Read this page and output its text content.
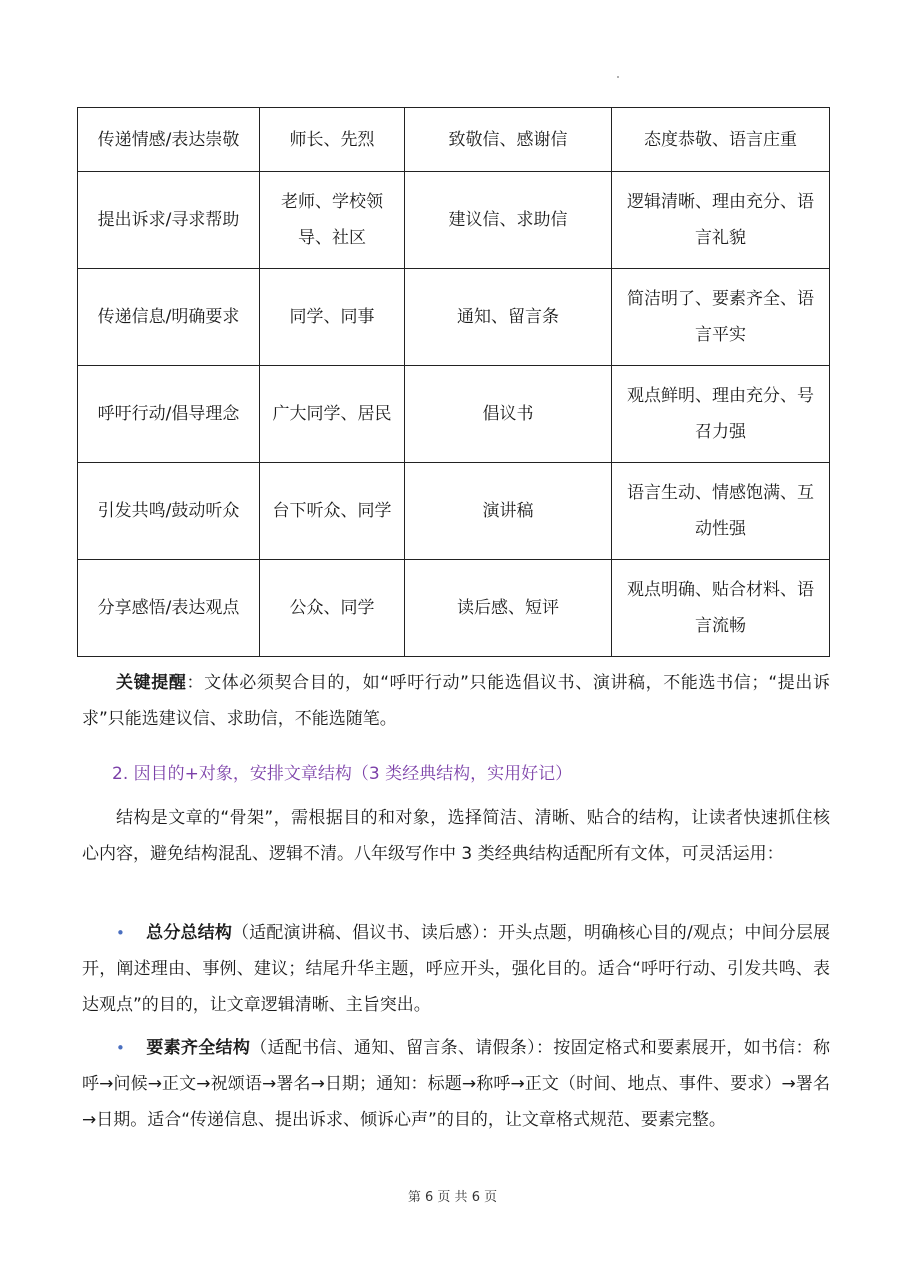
传递情感/表达崇敬	师长、先烈	致敬信、感谢信	态度恭敬、语言庄重
提出诉求/寻求帮助	老师、学校领导、社区	建议信、求助信	逻辑清晰、理由充分、语言礼貌
传递信息/明确要求	同学、同事	通知、留言条	简洁明了、要素齐全、语言平实
呼吁行动/倡导理念	广大同学、居民	倡议书	观点鲜明、理由充分、号召力强
引发共鸣/鼓动听众	台下听众、同学	演讲稿	语言生动、情感饱满、互动性强
分享感悟/表达观点	公众、同学	读后感、短评	观点明确、贴合材料、语言流畅

关键提醒：文体必须契合目的，如“呼吁行动”只能选倡议书、演讲稿，不能选书信；“提出诉求”只能选建议信、求助信，不能选随笔。

2. 因目的+对象，安排文章结构（3 类经典结构，实用好记）

结构是文章的“骨架”，需根据目的和对象，选择简洁、清晰、贴合的结构，让读者快速抓住核心内容，避免结构混乱、逻辑不清。八年级写作中 3 类经典结构适配所有文体，可灵活运用：

• 总分总结构（适配演讲稿、倡议书、读后感）：开头点题，明确核心目的/观点；中间分层展开，阐述理由、事例、建议；结尾升华主题，呼应开头，强化目的。适合“呼吁行动、引发共鸣、表达观点”的目的，让文章逻辑清晰、主旨突出。

• 要素齐全结构（适配书信、通知、留言条、请假条）：按固定格式和要素展开，如书信：称呼→问候→正文→祝颂语→署名→日期；通知：标题→称呼→正文（时间、地点、事件、要求）→署名→日期。适合“传递信息、提出诉求、倾诉心声”的目的，让文章格式规范、要素完整。

第 6 页 共 6 页
